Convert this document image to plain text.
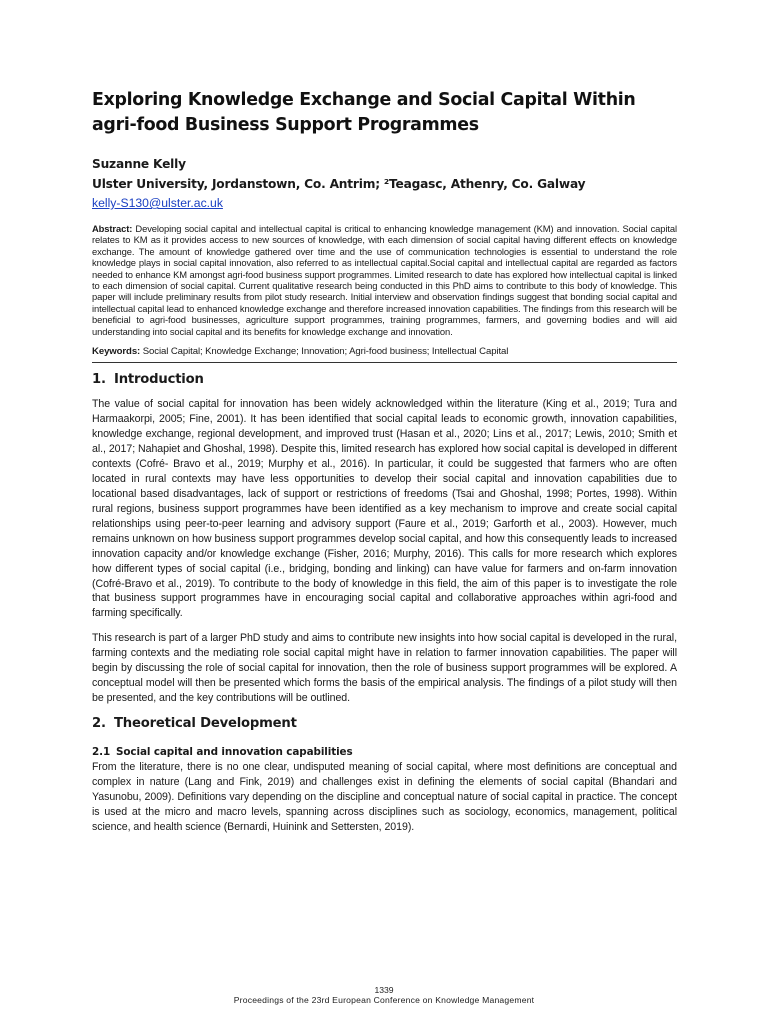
Exploring Knowledge Exchange and Social Capital Within agri-food Business Support Programmes

Suzanne Kelly

Ulster University, Jordanstown, Co. Antrim; ²Teagasc, Athenry, Co. Galway

kelly-S130@ulster.ac.uk

Abstract: Developing social capital and intellectual capital is critical to enhancing knowledge management (KM) and innovation. Social capital relates to KM as it provides access to new sources of knowledge, with each dimension of social capital having different effects on knowledge exchange. The amount of knowledge gathered over time and the use of communication technologies is essential to understand the role knowledge plays in social capital innovation, also referred to as intellectual capital.Social capital and intellectual capital are regarded as factors needed to enhance KM amongst agri-food business support programmes. Limited research to date has explored how intellectual capital is linked to each dimension of social capital. Current qualitative research being conducted in this PhD aims to contribute to this body of knowledge. This paper will include preliminary results from pilot study research. Initial interview and observation findings suggest that bonding social capital and intellectual capital lead to enhanced knowledge exchange and therefore increased innovation capabilities. The findings from this research will be beneficial to agri-food businesses, agriculture support programmes, training programmes, farmers, and governing bodies and will aid understanding into social capital and its benefits for knowledge exchange and innovation.

Keywords: Social Capital; Knowledge Exchange; Innovation; Agri-food business; Intellectual Capital

1. Introduction

The value of social capital for innovation has been widely acknowledged within the literature (King et al., 2019; Tura and Harmaakorpi, 2005; Fine, 2001). It has been identified that social capital leads to economic growth, innovation capabilities, knowledge exchange, regional development, and improved trust (Hasan et al., 2020; Lins et al., 2017; Lewis, 2010; Smith et al., 2017; Nahapiet and Ghoshal, 1998). Despite this, limited research has explored how social capital is developed in different contexts (Cofré- Bravo et al., 2019; Murphy et al., 2016). In particular, it could be suggested that farmers who are often located in rural contexts may have less opportunities to develop their social capital and innovation capabilities due to locational based disadvantages, lack of support or restrictions of freedoms (Tsai and Ghoshal, 1998; Portes, 1998). Within rural regions, business support programmes have been identified as a key mechanism to improve and create social capital relationships using peer-to-peer learning and advisory support (Faure et al., 2019; Garforth et al., 2003). However, much remains unknown on how business support programmes develop social capital, and how this consequently leads to increased innovation capacity and/or knowledge exchange (Fisher, 2016; Murphy, 2016). This calls for more research which explores how different types of social capital (i.e., bridging, bonding and linking) can have value for farmers and on-farm innovation (Cofré-Bravo et al., 2019). To contribute to the body of knowledge in this field, the aim of this paper is to investigate the role that business support programmes have in encouraging social capital and collaborative approaches within agri-food and farming specifically.

This research is part of a larger PhD study and aims to contribute new insights into how social capital is developed in the rural, farming contexts and the mediating role social capital might have in relation to farmer innovation capabilities. The paper will begin by discussing the role of social capital for innovation, then the role of business support programmes will be explored. A conceptual model will then be presented which forms the basis of the empirical analysis. The findings of a pilot study will then be presented, and the key contributions will be outlined.

2. Theoretical Development
2.1 Social capital and innovation capabilities

From the literature, there is no one clear, undisputed meaning of social capital, where most definitions are conceptual and complex in nature (Lang and Fink, 2019) and challenges exist in defining the elements of social capital (Bhandari and Yasunobu, 2009). Definitions vary depending on the discipline and conceptual nature of social capital in practice. The concept is used at the micro and macro levels, spanning across disciplines such as sociology, economics, management, political science, and health science (Bernardi, Huinink and Settersten, 2019).

1339
Proceedings of the 23rd European Conference on Knowledge Management
